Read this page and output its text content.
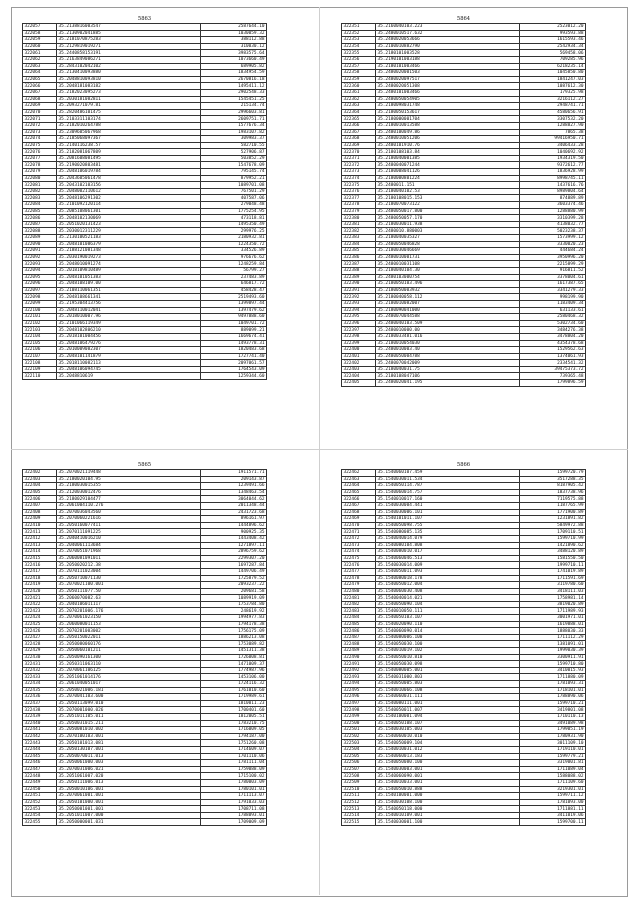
5863
322057	35.2138816003547	2587644.10
322058	35.2130902041885	1030059.32
322059	35.2181070875283	388112.88
322060	35.2129819019271	310030.12
322061	35.2440858153191	3983575.64
322062	35.2163849086271	1073660.49
322063	35.2843102042102	689905.82
322064	35.2130410093880	1834954.59
322065	35.2048810093810	2670816.18
322066	35.2048181083182	1495411.12
322067	35.2182023095273	2902548.33
322068	35.2030181082811	1545451.25
322069	35.2093271079.81	215134.74
322070	35.2820486101475	2996603.81
322071	35.2103311103174	2609751.71
322072	35.2182010264788	1577676.34
322073	35.2309605067968	1983107.82
322074	35.2185068097367	309983.37
322075	35.2140116238.57	582710.55
322076	35.2182081067809	527906.87
322077	35.2081608081495	503852.29
322078	35.2190020803481	1547678.09
322079	35.2048106019784	795145.74
322080	35.2043605061478	879952.21
322081	35.2043102103156	1089701.08
322082	35.2048002110612	767501.29
322083	35.2048106291302	407587.06
322084	35.2101092120114	279048.48
322085	35.2085108061301	1775254.95
322086	35.2048102130069	473118.81
322087	35.2051020131423	1495350.49
322088	35.2030012311229	299976.25
322089	35.2130100521183	2180932.81
322090	35.2048101086379	1224350.72
322091	35.2188121081348	334526.89
322092	35.2030190019273	976676.62
322093	35.2048010091274	1248259.84
322094	35.2018109810489	56799.27
322095	35.2048101051383	237483.89
322096	35.2048108109.00	646817.72
322097	35.2108110061351	458428.47
322098	35.2048108661341	2519493.60
322099	35.2195304413756	1399897.44
322100	35.2048110012041	1397479.62
322101	35.2018010007.96	9497888.60
322102	35.2101066119349	1049701.72
322103	35.2048102806210	889099.21
322104	35.2018101004456	1669674.41
322105	35.2048106479276	1493778.31
322106	35.2010009082307	1820483.68
322107	35.2048101141879	1727741.40
322108	35.2018110082113	2097061.57
322109	35.2048106094745	1764543.09
322110	35.2048810619	1259344.60
5864
322351	35.2160040103.223	2523012.20
322352	35.2480010517.632	993593.88
322353	35.2480020053666	1615593.46
322354	35.2100010882790	2542934.34
322355	35.2180101003528	569458.06
322356	35.2190101003188	709285.96
322357	35.2180101003466	6218235.14
322358	35.2480020001503	1045850.80
322359	35.2480020097517	1841247.03
322360	35.2480020051308	1087612.30
322361	35.2480101003466	179325.98
322362	35.2480050054905	3216112.27
322363	35.2180098031748	2948741.71
322364	35.2180050153617	4580656.91
322365	35.2180000001704	3307532.20
322366	35.2180010013588	1288827.90
322367	35.2480100049.86	7865.38
322368	35.2480010051206	99416950.71
322369	35.2480101910.76	3406433.28
322370	35.2180108103.84	1040692.92
322371	35.2180040001385	1934319.50
322372	35.2480040071244	9372612.77
322373	35.2180008041126	1836928.99
322374	35.2180000801224	8998745.11
322375	35.2480011.151	1437616.76
322376	35.2180040102.53	8989804.64
322377	35.2180108015.153	874889.89
322378	35.2180070073122	3603374.46
322379	35.2480050017.800	1288880.99
322380	35.2480050057.170	3310399.28
322381	35.2180030011.938	4138032.77
322382	35.2480010.880003	5023238.37
322383	35.2180040035327	1573999.12
322384	35.2480050046828	3330020.23
322385	35.2180030046669	444684.24
322386	35.2480010001731	3950996.20
322387	35.2480010031108	2215899.29
322388	35.2180040104.30	916811.52
322389	35.2480103000754	3378004.61
322390	35.2180050103.496	1617387.65
322391	35.2180050003932	3341279.33
322392	35.2180040058.112	998199.90
322393	35.2180010082007	1183409.34
322394	35.2180090041000	631133.61
322395	35.2480070044588	2580468.32
322396	35.2480040103.509	5302734.60
322397	35.2480010000.00	3484276.38
322398	35.2180033481.016	3478804.20
322399	35.2180010054030	4354378.68
322400	35.2480010003.40	1529562.63
322401	35.2480050004788	1374061.93
322402	35.2480070042009	2334541.32
322403	35.2180040031.75	39475373.72
322404	35.2180108047106	739365.48
322405	35.2480020041.195	1799896.59
5865
322402	35.2070021119448	1911571.71
322403	35.2180020104.95	209143.87
322404	35.2180030015355	1239491.66
322405	35.2120030012476	1348463.54
322406	35.2180029104477	3064044.62
322407	35.2061004110.276	2011348.44
322408	35.2070036043560	2431723.68
322409	35.2070060221616	896161.97
322410	35.2050160077411	1444896.62
322411	35.2070111091225	900925.35
322412	35.2040410016210	1443408.42
322413	35.2040061113684	1271897.11
322414	35.2070051071968	2896759.62
322415	35.2060081091011	2299307.20
322416	35.2050020212.38	1697287.84
322417	35.2070111023004	1449706.49
322418	35.2050710071130	1725879.52
322419	35.2070021100.001	2093237.22
322420	35.2050111077.50	209681.58
322421	35.2060070082.63	1089919.09
322422	35.2040106011117	1753784.80
322423	35.2070201006.176	248619.92
322424	35.2070061023150	1994977.83
322425	35.2060080011153	1794178.38
322426	35.2070201003002	1756175.09
322427	35.2050150022011	1886213.08
322428	35.2050080060176	1753089.82
322429	35.2050060101211	1451311.38
322430	35.2050090161300	1726008.81
322431	35.2050311063110	1471009.37
322432	35.2070061106125	1774987.96
322433	35.2051061014176	1453106.00
322434	35.2061040051017	1724116.32
322435	35.2050021006.181	1761010.60
322436	35.2070041103.600	1719989.61
322437	35.2050113099.010	1810011.23
322438	35.2070001000.026	1700401.60
322439	35.2051011105.011	1812005.51
322440	35.2050031015.211	1783210.75
322441	35.2050081010.002	1716009.05
322442	35.2070100103.001	1794187.00
322443	35.2050101013.081	1751260.08
322444	35.2050130107.001	1714609.07
322445	35.2050070011.013	1701110.06
322446	35.2050061000.003	1781111.04
322447	35.2070031006.021	1759088.09
322448	35.2051061007.020	1715100.02
322449	35.2050111006.013	1780003.09
322450	35.2050010106.001	1780101.01
322451	35.2070061001.001	1711113.07
322452	35.2050101000.001	1791033.03
322453	35.2050001001.001	1708711.08
322454	35.2051011007.000	1788093.01
322455	35.2050000001.031	1709009.09
5866
322462	35.1540060107.459	1599720.79
322463	35.1540030011.534	3517288.35
322464	35.1540050114.787	8187905.42
322465	35.1540060014.757	1837738.96
322466	35.1540010017.160	7119575.88
322467	35.1540030004.441	1187765.99
322468	35.1540030006.101	1771900.89
322469	35.1540101011.107	1231891.82
322470	35.1540050098.755	5849972.88
322471	35.1540080085.135	1709110.51
322472	35.1540040014.079	1599710.99
322473	35.1540080104.808	1421890.62
322474	35.1540080010.017	3488120.89
322475	35.1540060046.513	1581550.50
322476	35.1540030014.009	1999710.11
322477	35.1540050011.093	1741019.89
322478	35.1540080018.178	1711591.69
322479	35.1540050012.004	3119780.60
322480	35.1540060030.408	3418111.03
322481	35.1540040014.021	1758981.14
322482	35.1540050090.104	3819020.89
322483	35.1540010050.111	1711989.93
322484	35.1540050103.107	3001971.01
322485	35.1540020090.110	1619888.01
322486	35.1540060090.014	1888030.33
322487	35.1540080006.100	1711112.29
322488	35.1540050030.100	1381091.01
322489	35.1540010019.102	1999030.39
322490	35.1540050010.810	3300911.91
322491	35.1540050030.098	1599710.80
322492	35.1540080005.001	3410015.93
322493	35.1540031000.803	1711880.09
322494	35.1540050005.803	1781093.31
322495	35.1540010066.108	1718101.01
322496	35.1540060031.111	1788890.06
322497	35.1540080111.001	1599710.21
322498	35.1540050011.007	3419801.08
322499	35.1540100001.094	1710110.13
322500	35.1540050108.107	3491089.98
322501	35.1540030105.003	1799051.19
322502	35.1540060010.010	1780931.90
322503	35.1540050009.104	3011109.10
322504	35.1540010031.012	1719110.01
322505	35.1540060013.183	1599779.21
322506	35.1540050080.100	3319001.81
322507	35.1540030003.001	1711089.04
322508	35.1540060090.001	1588088.02
322509	35.1540010033.001	1711109.60
322510	35.1540050010.888	3219301.01
322511	35.1540100001.000	1599711.12
322512	35.1540030108.100	1781093.00
322513	35.1540050118.000	1711881.11
322514	35.1540010109.001	3411019.06
322515	35.1540030001.100	1599700.11
